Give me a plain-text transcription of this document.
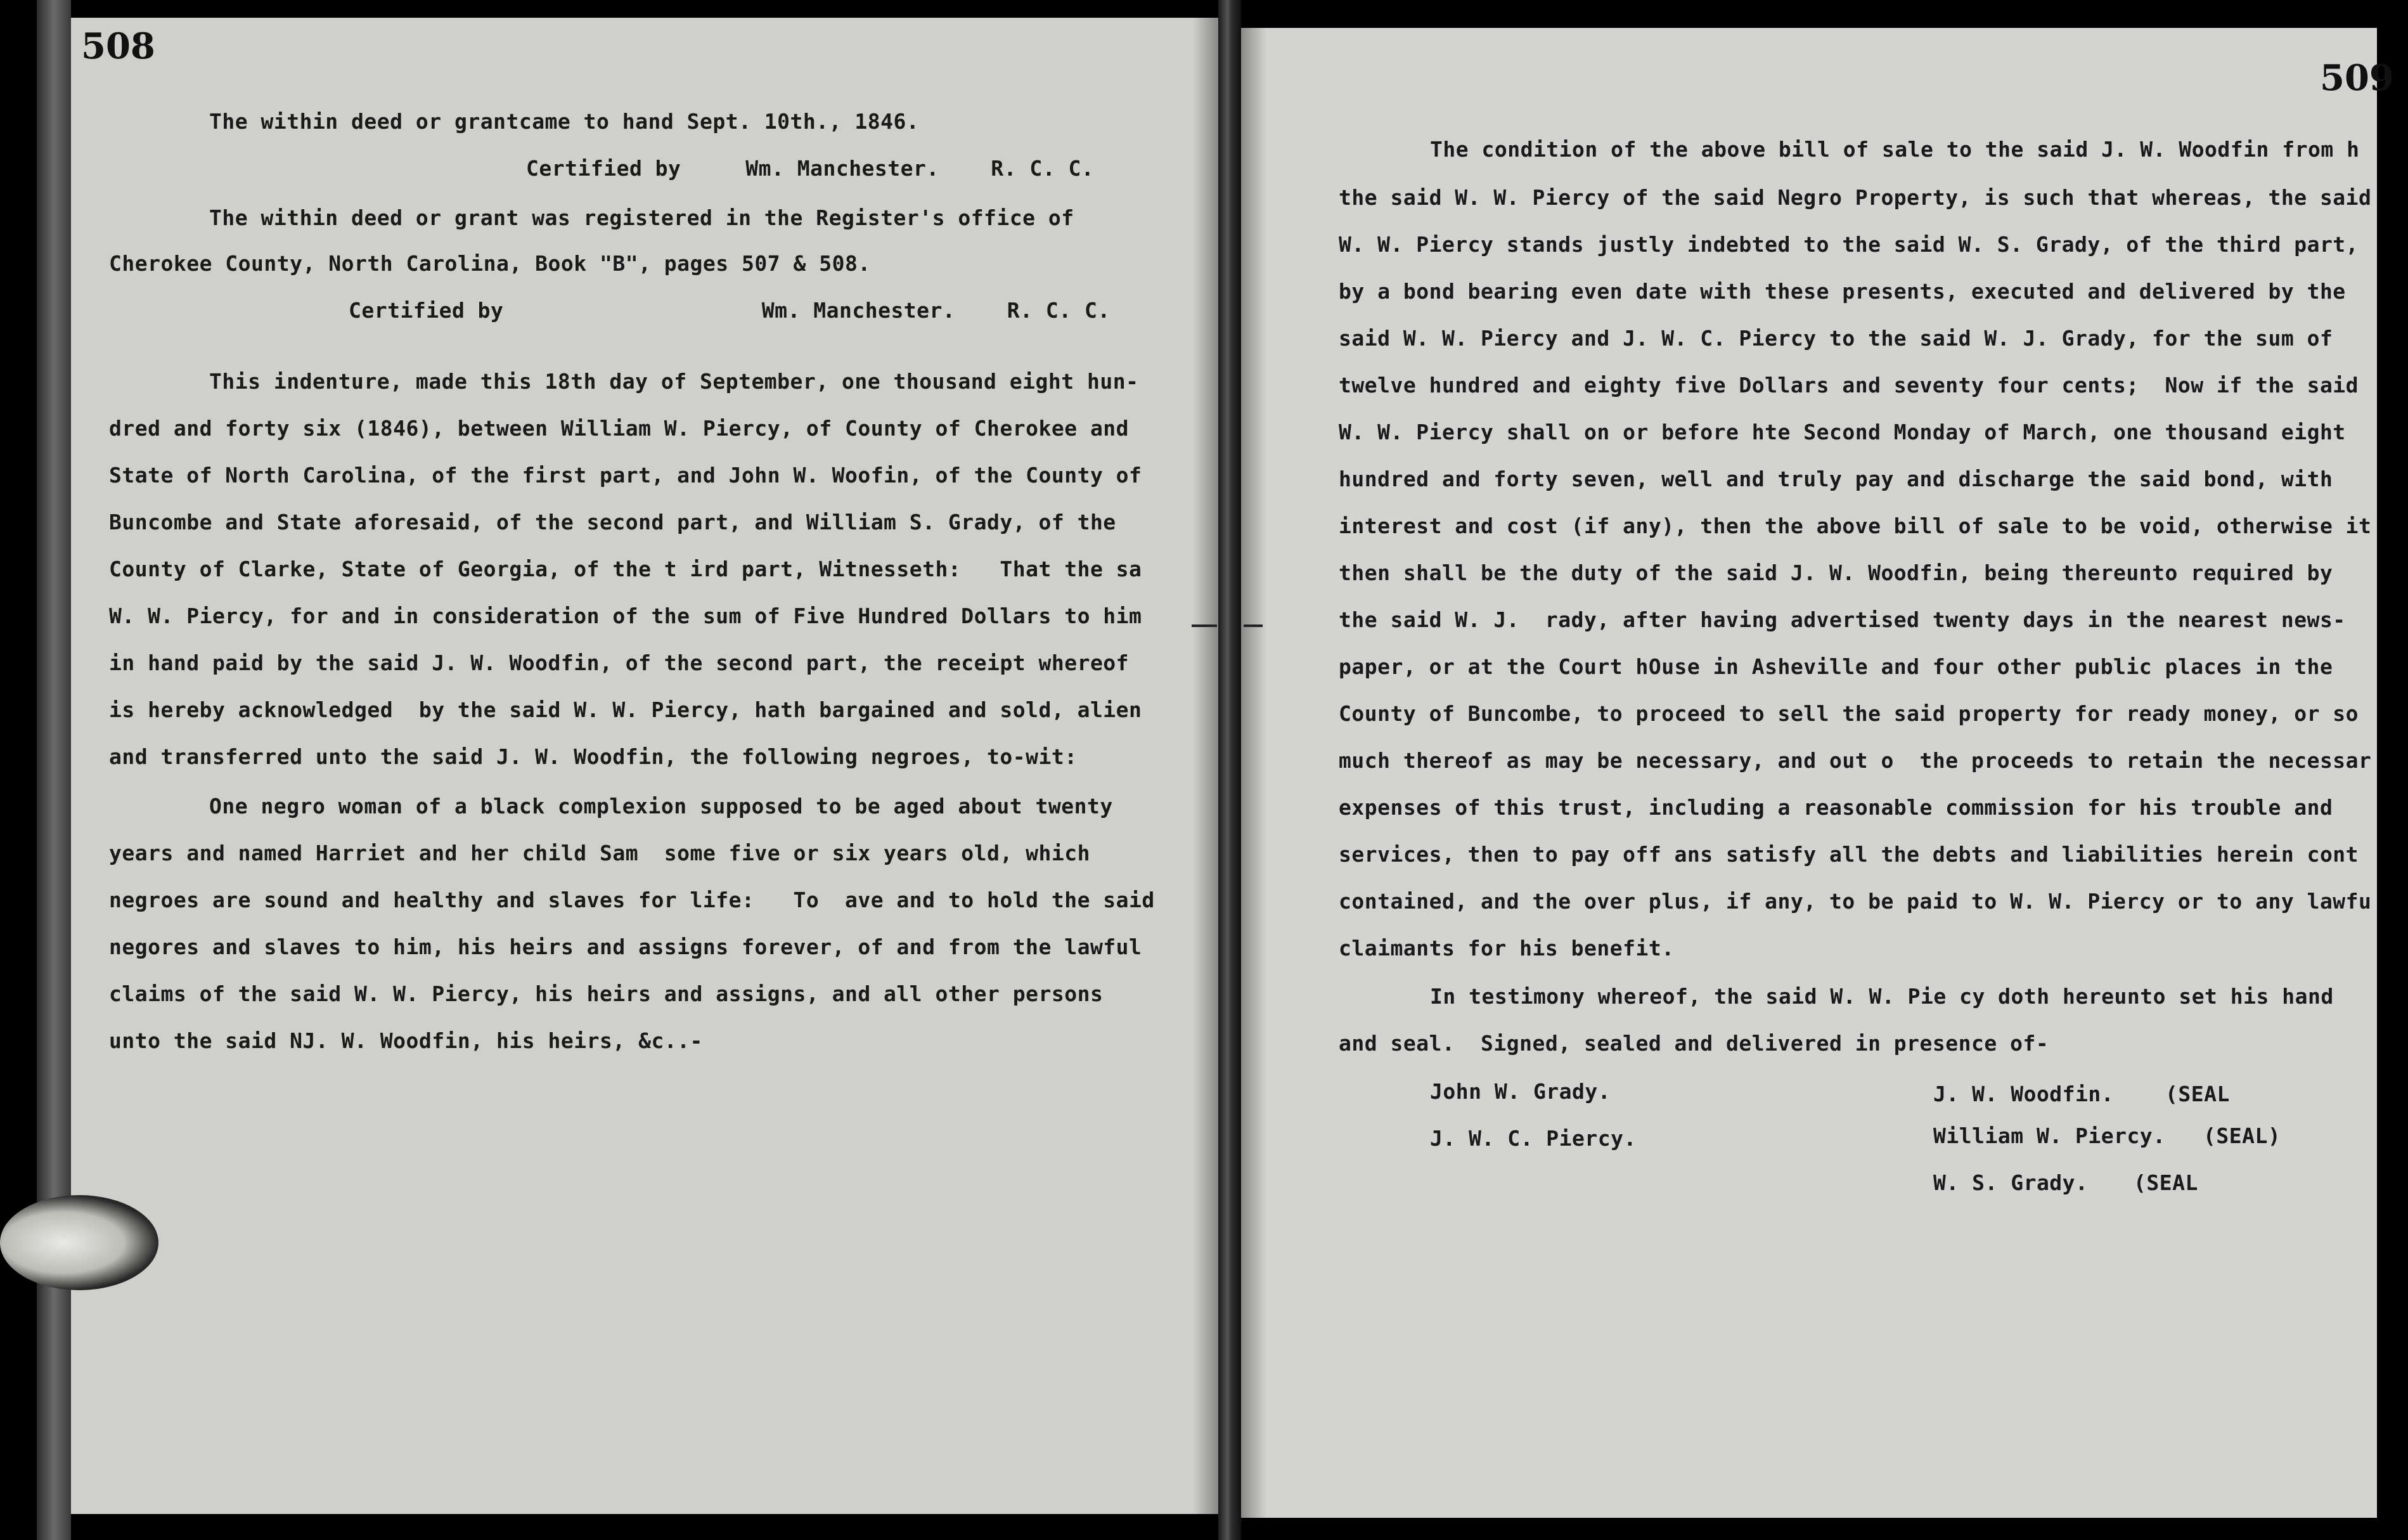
508
509
The within deed or grantcame to hand Sept. 10th., 1846.
Certified by     Wm. Manchester.    R. C. C.
The within deed or grant was registered in the Register's office of
Cherokee County, North Carolina, Book "B", pages 507 & 508.
Certified by                    Wm. Manchester.    R. C. C.
This indenture, made this 18th day of September, one thousand eight hun-
dred and forty six (1846), between William W. Piercy, of County of Cherokee and
State of North Carolina, of the first part, and John W. Woofin, of the County of
Buncombe and State aforesaid, of the second part, and William S. Grady, of the
County of Clarke, State of Georgia, of the t ird part, Witnesseth:   That the sa
W. W. Piercy, for and in consideration of the sum of Five Hundred Dollars to him
in hand paid by the said J. W. Woodfin, of the second part, the receipt whereof
is hereby acknowledged  by the said W. W. Piercy, hath bargained and sold, alien
and transferred unto the said J. W. Woodfin, the following negroes, to-wit:
One negro woman of a black complexion supposed to be aged about twenty
years and named Harriet and her child Sam  some five or six years old, which
negroes are sound and healthy and slaves for life:   To  ave and to hold the said
negores and slaves to him, his heirs and assigns forever, of and from the lawful
claims of the said W. W. Piercy, his heirs and assigns, and all other persons
unto the said NJ. W. Woodfin, his heirs, &c..-
The condition of the above bill of sale to the said J. W. Woodfin from h
the said W. W. Piercy of the said Negro Property, is such that whereas, the said
W. W. Piercy stands justly indebted to the said W. S. Grady, of the third part,
by a bond bearing even date with these presents, executed and delivered by the
said W. W. Piercy and J. W. C. Piercy to the said W. J. Grady, for the sum of
twelve hundred and eighty five Dollars and seventy four cents;  Now if the said
W. W. Piercy shall on or before hte Second Monday of March, one thousand eight
hundred and forty seven, well and truly pay and discharge the said bond, with
interest and cost (if any), then the above bill of sale to be void, otherwise it
then shall be the duty of the said J. W. Woodfin, being thereunto required by
the said W. J.  rady, after having advertised twenty days in the nearest news-
paper, or at the Court hOuse in Asheville and four other public places in the
County of Buncombe, to proceed to sell the said property for ready money, or so
much thereof as may be necessary, and out o  the proceeds to retain the necessar
expenses of this trust, including a reasonable commission for his trouble and
services, then to pay off ans satisfy all the debts and liabilities herein cont
contained, and the over plus, if any, to be paid to W. W. Piercy or to any lawfu
claimants for his benefit.
In testimony whereof, the said W. W. Pie cy doth hereunto set his hand
and seal.  Signed, sealed and delivered in presence of-
John W. Grady.
J. W. C. Piercy.
J. W. Woodfin. (SEAL
William W. Piercy. (SEAL)
W. S. Grady. (SEAL
